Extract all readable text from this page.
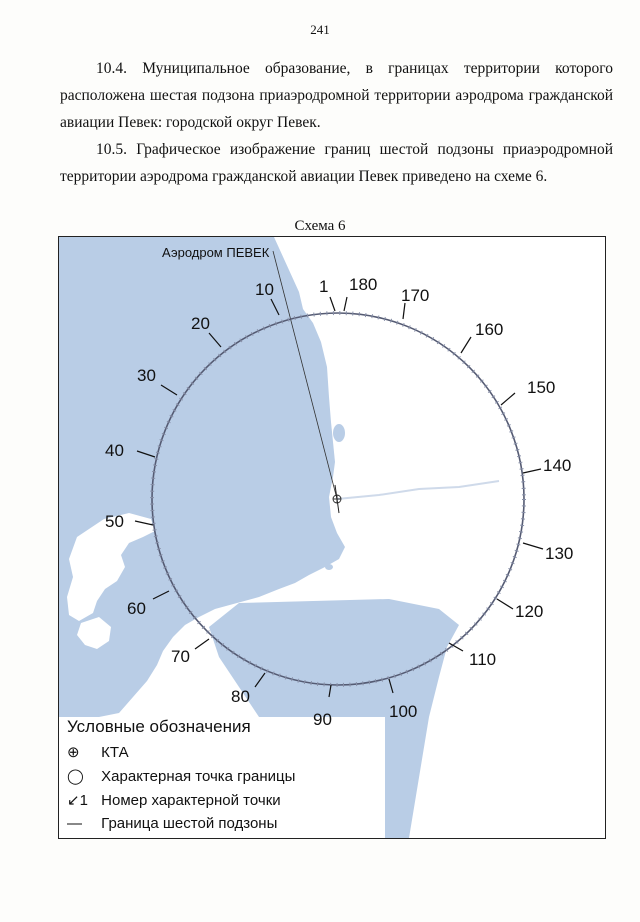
241

10.4. Муниципальное образование, в границах территории которого расположена шестая подзона приаэродромной территории аэродрома гражданской авиации Певек: городской округ Певек.

10.5. Графическое изображение границ шестой подзоны приаэродромной территории аэродрома гражданской авиации Певек приведено на схеме 6.

Схема 6
Аэродром ПЕВЕК
1
10
20
30
40
50
60
70
80
90	100
110
120
130
140
150
160
170
180
Условные обозначения
⊕ КТА
◯ Характерная точка границы
↙1 Номер характерной точки
— Граница шестой подзоны
